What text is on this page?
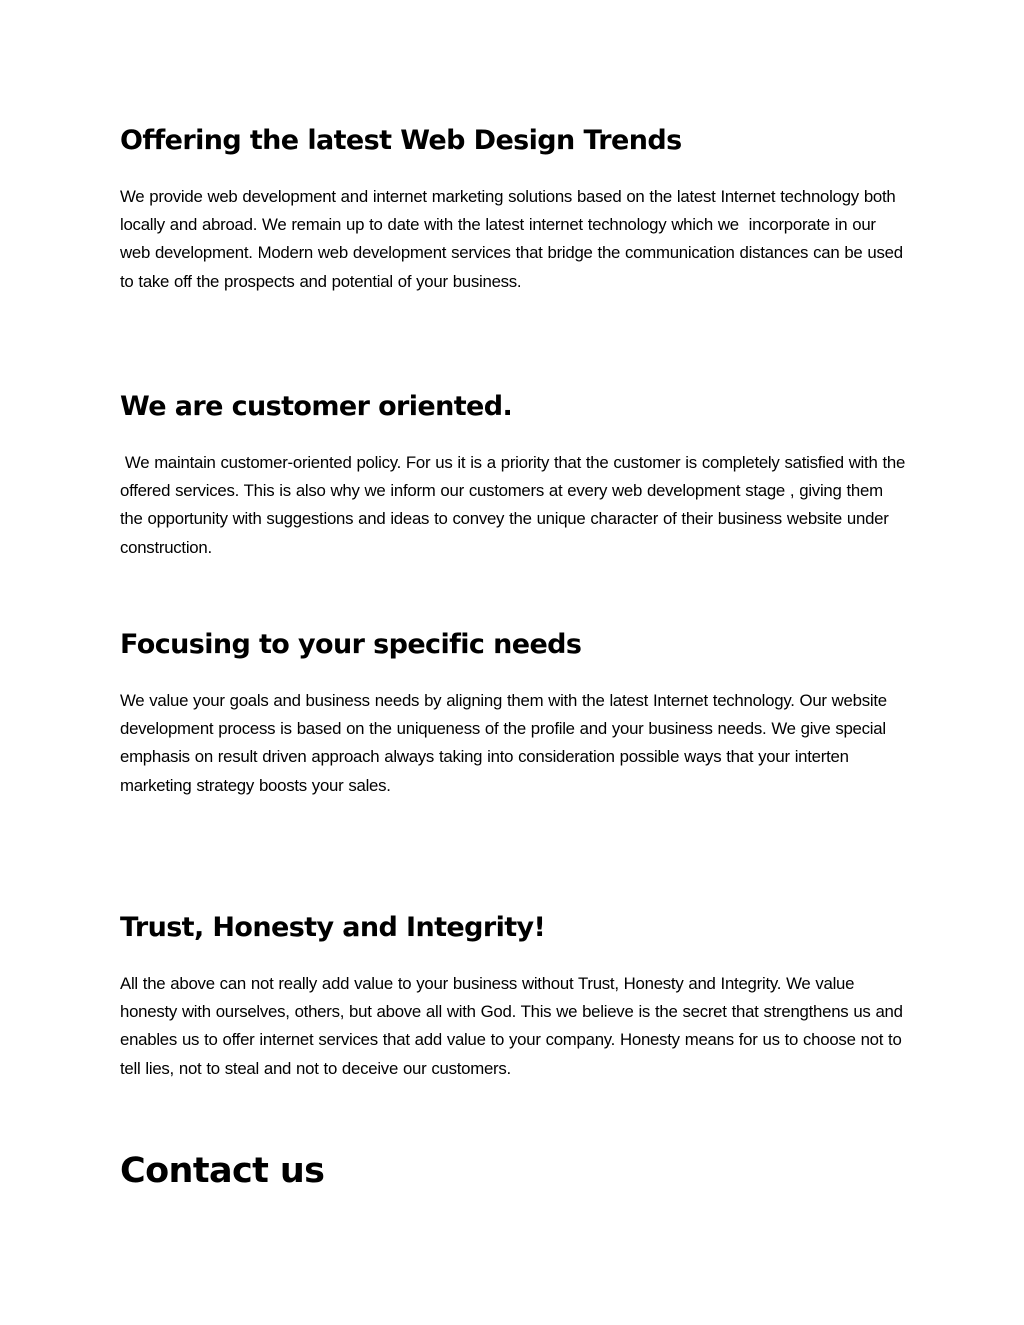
Offering the latest Web Design Trends

We provide web development and internet marketing solutions based on the latest Internet technology both locally and abroad. We remain up to date with the latest internet technology which we  incorporate in our web development. Modern web development services that bridge the communication distances can be used to take off the prospects and potential of your business.

We are customer oriented.

We maintain customer-oriented policy. For us it is a priority that the customer is completely satisfied with the offered services. This is also why we inform our customers at every web development stage , giving them the opportunity with suggestions and ideas to convey the unique character of their business website under construction.

Focusing to your specific needs

We value your goals and business needs by aligning them with the latest Internet technology. Our website development process is based on the uniqueness of the profile and your business needs. We give special emphasis on result driven approach always taking into consideration possible ways that your interten marketing strategy boosts your sales.

Trust, Honesty and Integrity!

All the above can not really add value to your business without Trust, Honesty and Integrity. We value honesty with ourselves, others, but above all with God. This we believe is the secret that strengthens us and enables us to offer internet services that add value to your company. Honesty means for us to choose not to tell lies, not to steal and not to deceive our customers.

Contact us
